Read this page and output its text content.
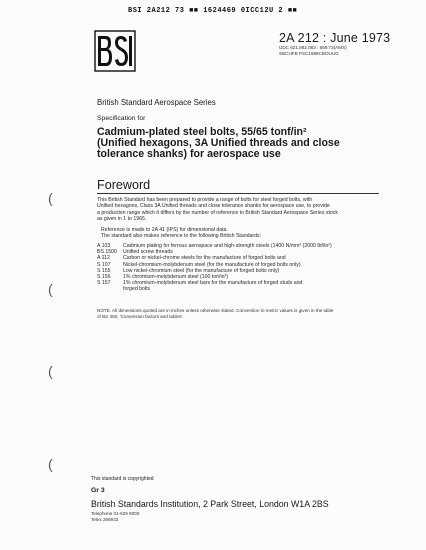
BSI 2A212 73 ■■ 1624469 0ICC12U 2 ■■
2A 212 : June 1973
UDC 621.882.083 : 669.73(AMS)
SBCHFB PSC1988CBOUUG
British Standard Aerospace Series
Specification for
Cadmium-plated steel bolts, 55/65 tonf/in²
(Unified hexagons, 3A Unified threads and close
tolerance shanks) for aerospace use
Foreword
This British Standard has been prepared to provide a range of bolts for steel forged bolts, with
Unified hexagons, Class 3A Unified threads and close tolerance shanks for aerospace use, to provide
a production range which it differs by the number of reference to British Standard Aerospace Series stock
as given in 1 to 1965.
Reference is made to 2A 41 (IPS) for dimensional data.
The standard also makes reference to the following British Standards:
A 103	Cadmium plating for ferrous aerospace and high-strength steels (1400 N/mm² (2000 lbf/in²)
BS 1500	Unified screw threads
A 112	Carbon or nickel-chrome steels for the manufacture of forged bolts and
S 107	Nickel-chromium-molybdenum steel (for the manufacture of forged bolts only)
S 155	Low nickel-chromium steel (for the manufacture of forged bolts only)
S 156	1% chromium-molybdenum steel (100 ton/in²)
S 157	1% chromium-molybdenum steel bars for the manufacture of forged studs and
forged bolts
NOTE. All dimensions quoted are in inches unless otherwise stated. Conversion to metric values is given in the table
of BS 350, 'Conversion factors and tables'.
(
(
(
(
This standard is copyrighted
Gr 3
British Standards Institution, 2 Park Street, London W1A 2BS
Telephone 01-629 9000
Telex 266933
